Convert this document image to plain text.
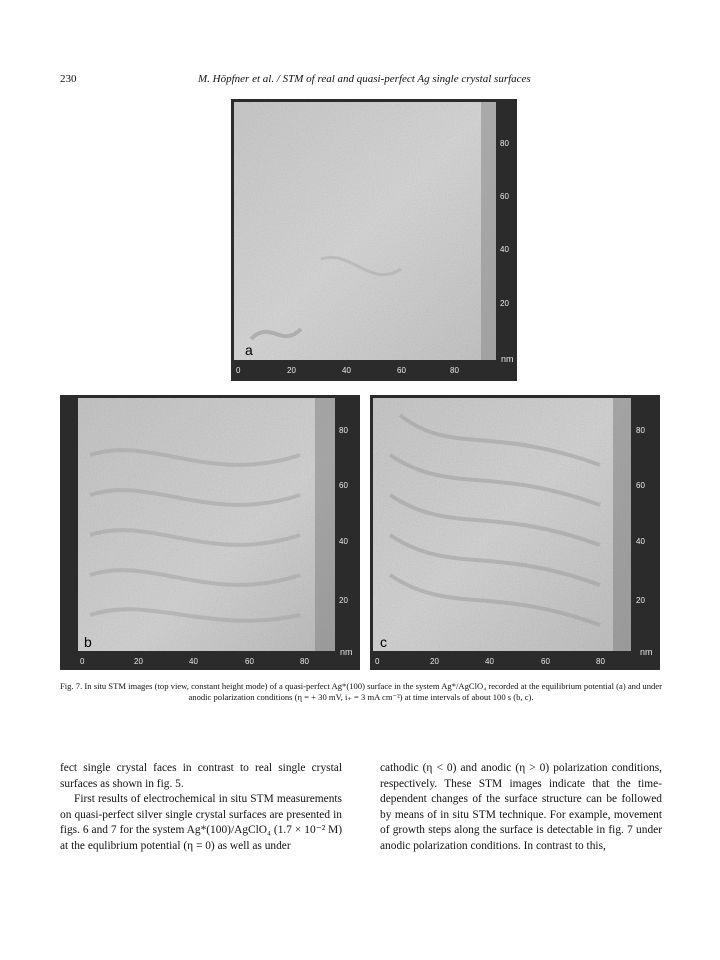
230	M. Höpfner et al. / STM of real and quasi-perfect Ag single crystal surfaces
a
nm
80
60
40
20
0	20	40	60	80
b
nm
80
60
40
20
0	20	40	60	80
c
nm
80
60
40
20
0	20	40	60	80
Fig. 7. In situ STM images (top view, constant height mode) of a quasi-perfect Ag*(100) surface in the system Ag*/AgClO₄ recorded at the equilibrium potential (a) and under anodic polarization conditions (η = + 30 mV, i₊ = 3 mA cm⁻²) at time intervals of about 100 s (b, c).

fect single crystal faces in contrast to real single crystal surfaces as shown in fig. 5.

First results of electrochemical in situ STM measurements on quasi-perfect silver single crystal surfaces are presented in figs. 6 and 7 for the system Ag*(100)/AgClO₄ (1.7 × 10⁻² M) at the equlibrium potential (η = 0) as well as under

cathodic (η < 0) and anodic (η > 0) polarization conditions, respectively. These STM images indicate that the time-dependent changes of the surface structure can be followed by means of in situ STM technique. For example, movement of growth steps along the surface is detectable in fig. 7 under anodic polarization conditions. In contrast to this,
